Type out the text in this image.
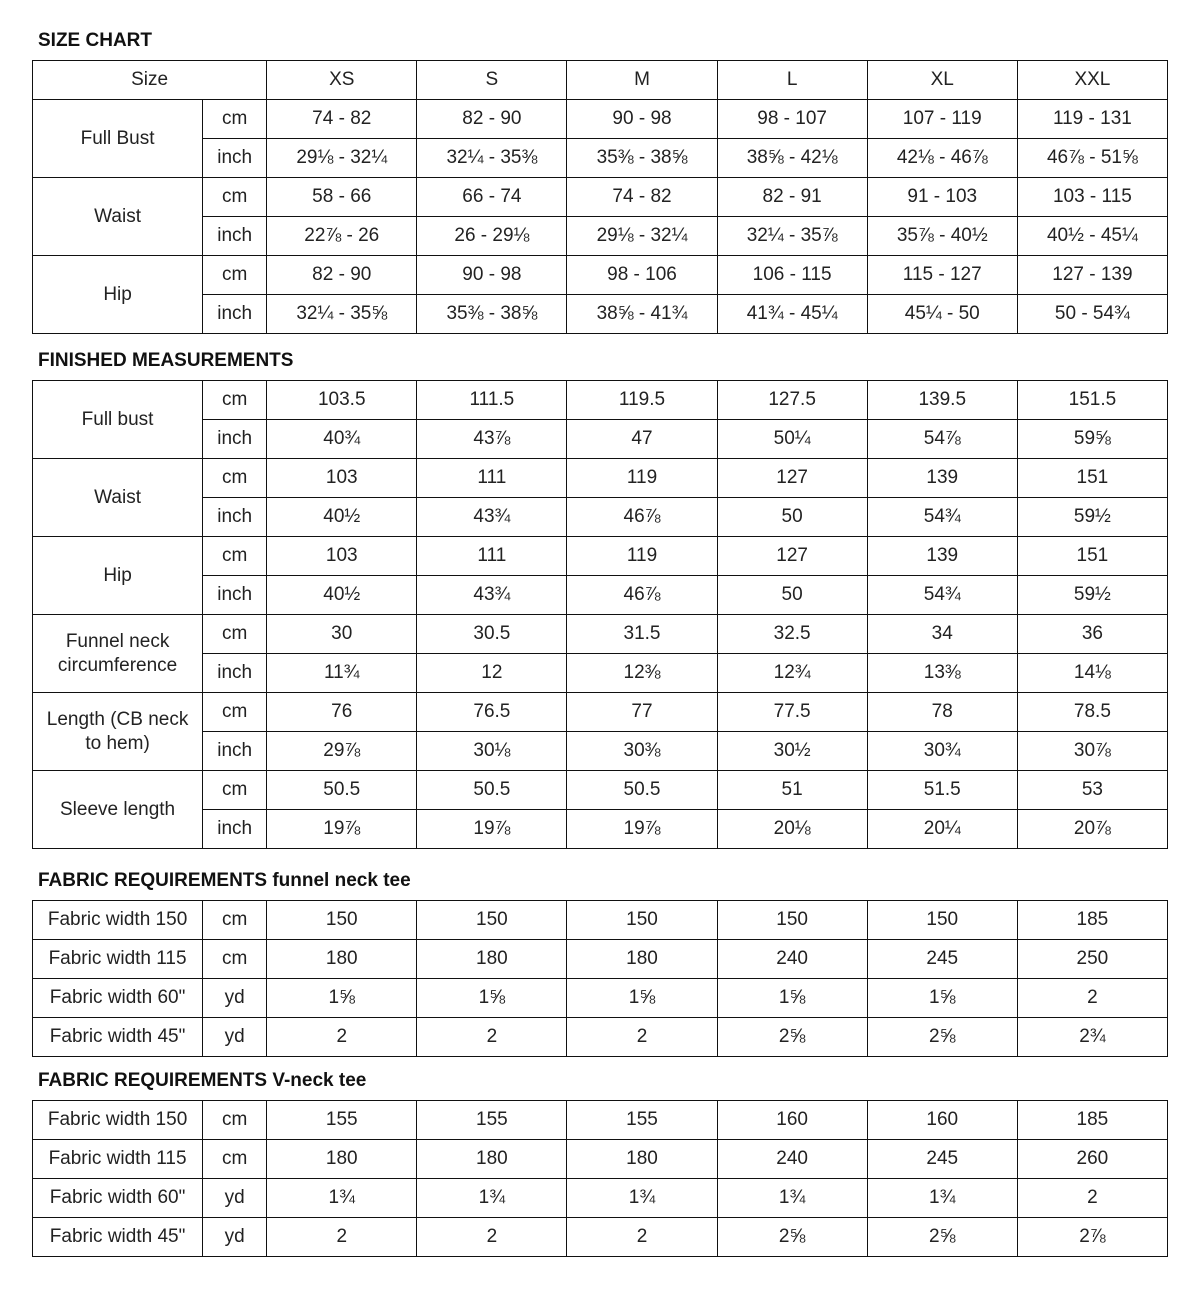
SIZE CHART
Size		XS	S	M	L	XL	XXL
Full Bust	cm	74 - 82	82 - 90	90 - 98	98 - 107	107 - 119	119 - 131
	inch	29⅛ - 32¼	32¼ - 35⅜	35⅜ - 38⅝	38⅝ - 42⅛	42⅛ - 46⅞	46⅞ - 51⅝
Waist	cm	58 - 66	66 - 74	74 - 82	82 - 91	91 - 103	103 - 115
	inch	22⅞ - 26	26 - 29⅛	29⅛ - 32¼	32¼ - 35⅞	35⅞ - 40½	40½ - 45¼
Hip	cm	82 - 90	90 - 98	98 - 106	106 - 115	115 - 127	127 - 139
	inch	32¼ - 35⅝	35⅜ - 38⅝	38⅝ - 41¾	41¾ - 45¼	45¼ - 50	50 - 54¾
FINISHED MEASUREMENTS
Full bust	cm	103.5	111.5	119.5	127.5	139.5	151.5
	inch	40¾	43⅞	47	50¼	54⅞	59⅝
Waist	cm	103	111	119	127	139	151
	inch	40½	43¾	46⅞	50	54¾	59½
Hip	cm	103	111	119	127	139	151
	inch	40½	43¾	46⅞	50	54¾	59½
Funnel neck circumference	cm	30	30.5	31.5	32.5	34	36
	inch	11¾	12	12⅜	12¾	13⅜	14⅛
Length (CB neck to hem)	cm	76	76.5	77	77.5	78	78.5
	inch	29⅞	30⅛	30⅜	30½	30¾	30⅞
Sleeve length	cm	50.5	50.5	50.5	51	51.5	53
	inch	19⅞	19⅞	19⅞	20⅛	20¼	20⅞
FABRIC REQUIREMENTS funnel neck tee
Fabric width 150	cm	150	150	150	150	150	185
Fabric width 115	cm	180	180	180	240	245	250
Fabric width 60"	yd	1⅝	1⅝	1⅝	1⅝	1⅝	2
Fabric width 45"	yd	2	2	2	2⅝	2⅝	2¾
FABRIC REQUIREMENTS V-neck tee
Fabric width 150	cm	155	155	155	160	160	185
Fabric width 115	cm	180	180	180	240	245	260
Fabric width 60"	yd	1¾	1¾	1¾	1¾	1¾	2
Fabric width 45"	yd	2	2	2	2⅝	2⅝	2⅞
